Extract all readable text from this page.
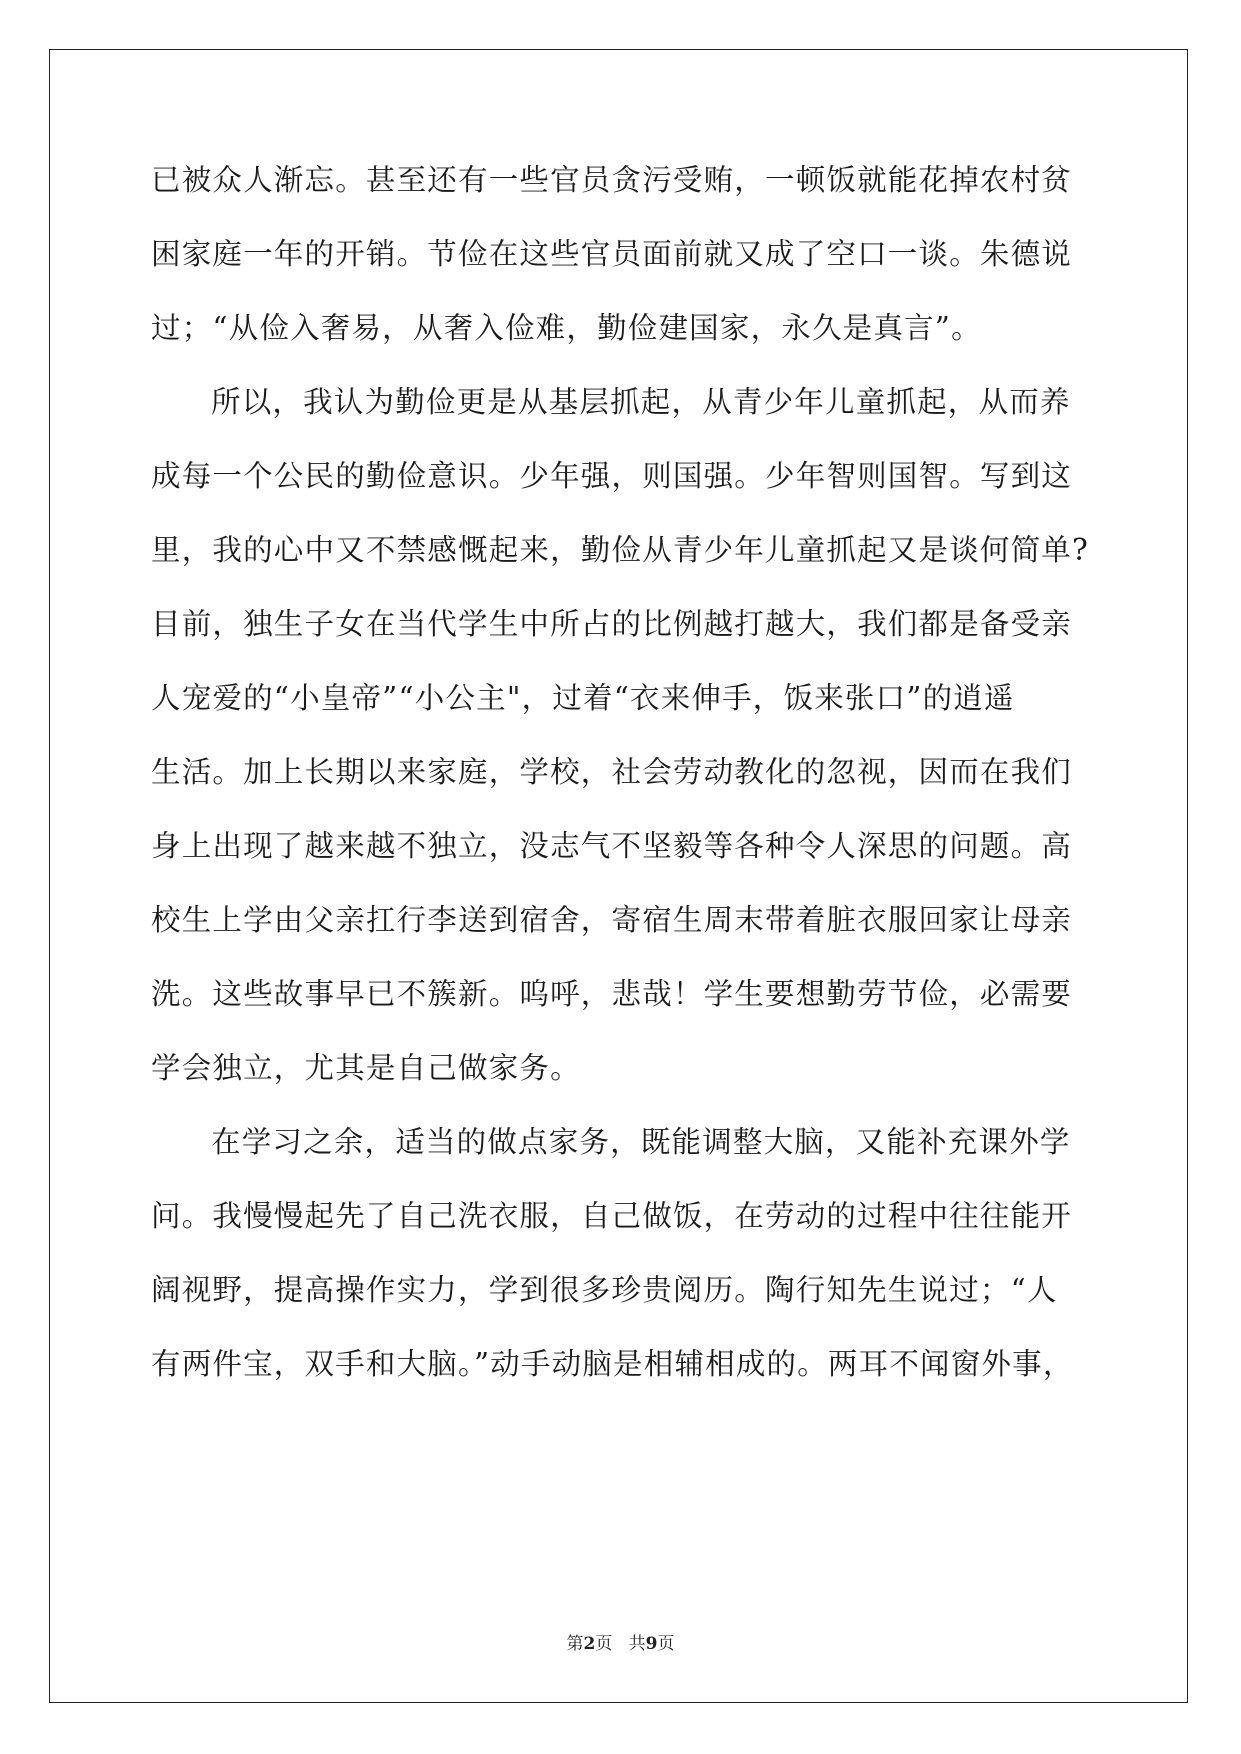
已被众人渐忘。甚至还有一些官员贪污受贿，一顿饭就能花掉农村贫
困家庭一年的开销。节俭在这些官员面前就又成了空口一谈。朱德说
过；“从俭入奢易，从奢入俭难，勤俭建国家，永久是真言”。
所以，我认为勤俭更是从基层抓起，从青少年儿童抓起，从而养
成每一个公民的勤俭意识。少年强，则国强。少年智则国智。写到这
里，我的心中又不禁感慨起来，勤俭从青少年儿童抓起又是谈何简单?
目前，独生子女在当代学生中所占的比例越打越大，我们都是备受亲
人宠爱的“小皇帝”“小公主"，过着“衣来伸手，饭来张口”的逍遥
生活。加上长期以来家庭，学校，社会劳动教化的忽视，因而在我们
身上出现了越来越不独立，没志气不坚毅等各种令人深思的问题。高
校生上学由父亲扛行李送到宿舍，寄宿生周末带着脏衣服回家让母亲
洗。这些故事早已不簇新。呜呼，悲哉！学生要想勤劳节俭，必需要
学会独立，尤其是自己做家务。
在学习之余，适当的做点家务，既能调整大脑，又能补充课外学
问。我慢慢起先了自己洗衣服，自己做饭，在劳动的过程中往往能开
阔视野，提高操作实力，学到很多珍贵阅历。陶行知先生说过；“人
有两件宝，双手和大脑。”动手动脑是相辅相成的。两耳不闻窗外事，
第2页 共9页
